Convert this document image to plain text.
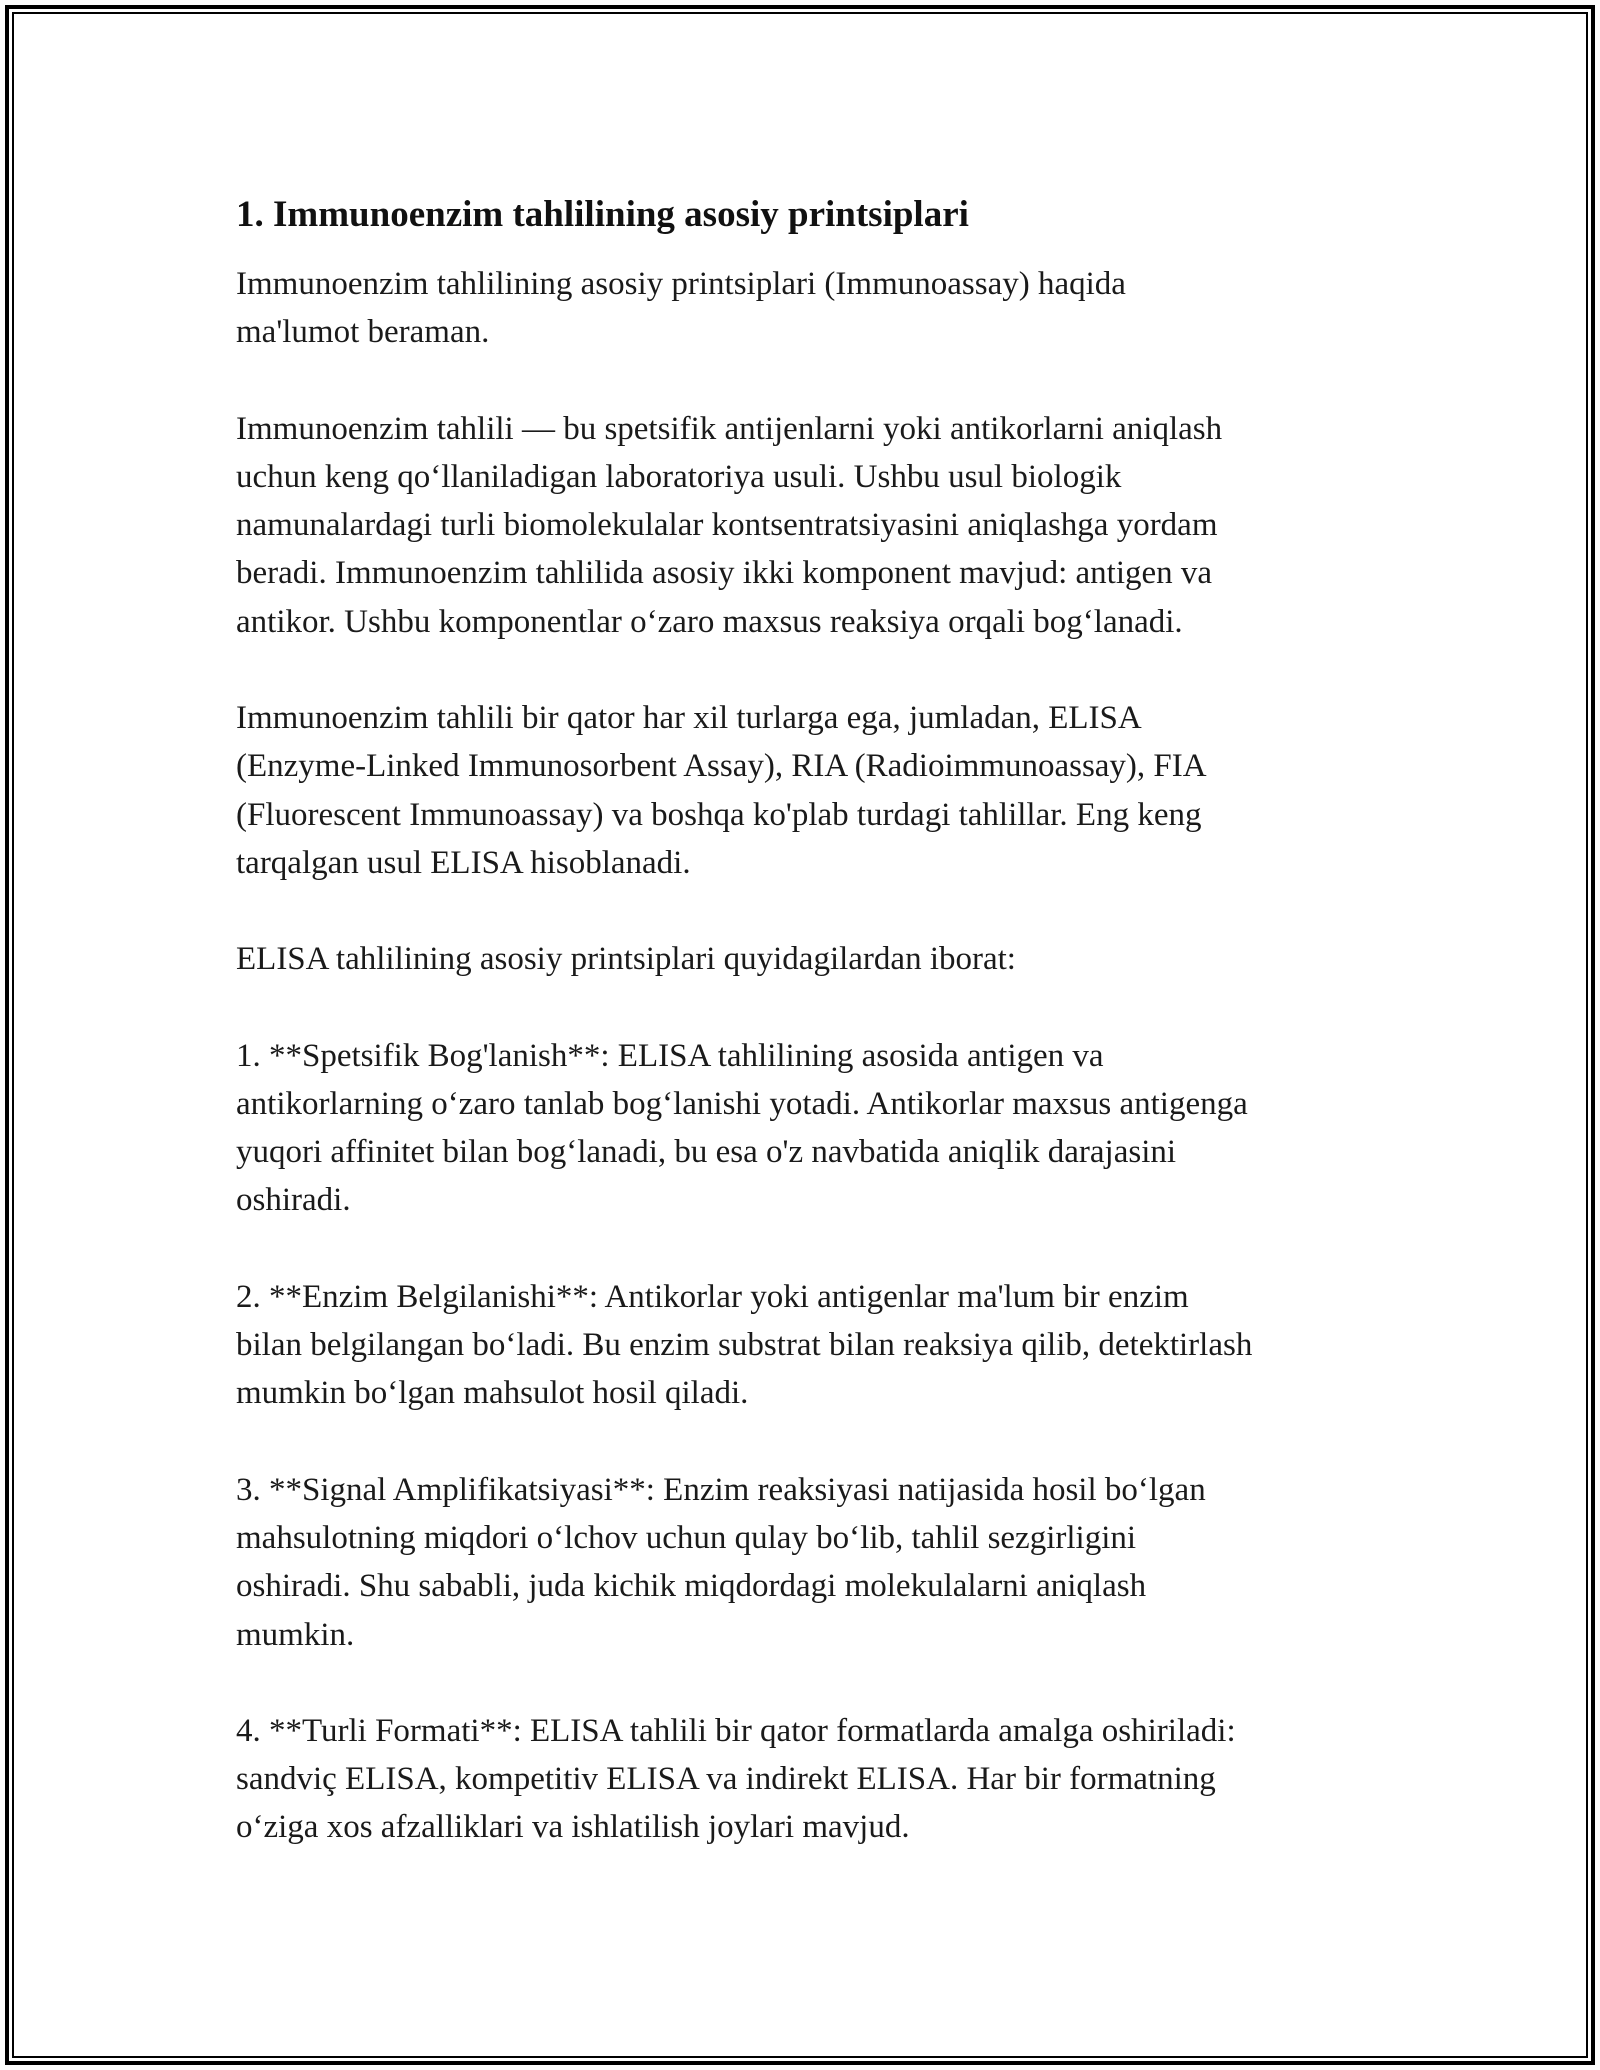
1. Immunoenzim tahlilining asosiy printsiplari

Immunoenzim tahlilining asosiy printsiplari (Immunoassay) haqida
ma'lumot beraman.

Immunoenzim tahlili — bu spetsifik antijenlarni yoki antikorlarni aniqlash
uchun keng qo‘llaniladigan laboratoriya usuli. Ushbu usul biologik
namunalardagi turli biomolekulalar kontsentratsiyasini aniqlashga yordam
beradi. Immunoenzim tahlilida asosiy ikki komponent mavjud: antigen va
antikor. Ushbu komponentlar o‘zaro maxsus reaksiya orqali bog‘lanadi.

Immunoenzim tahlili bir qator har xil turlarga ega, jumladan, ELISA
(Enzyme-Linked Immunosorbent Assay), RIA (Radioimmunoassay), FIA
(Fluorescent Immunoassay) va boshqa ko'plab turdagi tahlillar. Eng keng
tarqalgan usul ELISA hisoblanadi.

ELISA tahlilining asosiy printsiplari quyidagilardan iborat:

1. **Spetsifik Bog'lanish**: ELISA tahlilining asosida antigen va
antikorlarning o‘zaro tanlab bog‘lanishi yotadi. Antikorlar maxsus antigenga
yuqori affinitet bilan bog‘lanadi, bu esa o'z navbatida aniqlik darajasini
oshiradi.

2. **Enzim Belgilanishi**: Antikorlar yoki antigenlar ma'lum bir enzim
bilan belgilangan bo‘ladi. Bu enzim substrat bilan reaksiya qilib, detektirlash
mumkin bo‘lgan mahsulot hosil qiladi.

3. **Signal Amplifikatsiyasi**: Enzim reaksiyasi natijasida hosil bo‘lgan
mahsulotning miqdori o‘lchov uchun qulay bo‘lib, tahlil sezgirligini
oshiradi. Shu sababli, juda kichik miqdordagi molekulalarni aniqlash
mumkin.

4. **Turli Formati**: ELISA tahlili bir qator formatlarda amalga oshiriladi:
sandviç ELISA, kompetitiv ELISA va indirekt ELISA. Har bir formatning
o‘ziga xos afzalliklari va ishlatilish joylari mavjud.
